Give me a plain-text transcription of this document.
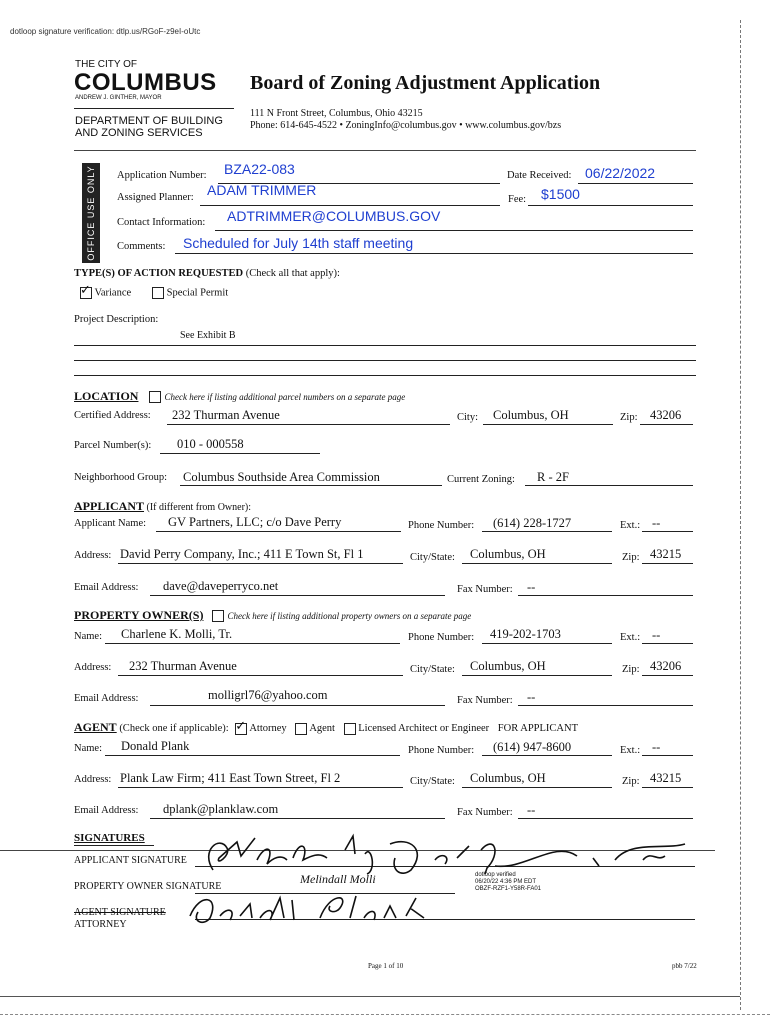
dotloop signature verification: dtlp.us/RGoF-z9eI-oUtc
THE CITY OF
COLUMBUS
ANDREW J. GINTHER, MAYOR
DEPARTMENT OF BUILDING
AND ZONING SERVICES
Board of Zoning Adjustment Application
111 N Front Street, Columbus, Ohio 43215
Phone: 614-645-4522 • ZoningInfo@columbus.gov • www.columbus.gov/bzs
OFFICE USE ONLY Application Number: BZA22-083	Date Received: 06/22/2022
Assigned Planner: ADAM TRIMMER
Fee: $1500
Contact Information: ADTRIMMER@COLUMBUS.GOV
Comments: Scheduled for July 14th staff meeting
TYPE(S) OF ACTION REQUESTED (Check all that apply):
✓ Variance	Special Permit
Project Description:
See Exhibit B
LOCATION	Check here if listing additional parcel numbers on a separate page
Certified Address: 232 Thurman Avenue	City: Columbus, OH	Zip: 43206
Parcel Number(s): 010 - 000558
Neighborhood Group: Columbus Southside Area Commission	Current Zoning: R - 2F
APPLICANT (If different from Owner):
Applicant Name: GV Partners, LLC; c/o Dave Perry	Phone Number: (614) 228-1727	Ext.: --
Address: David Perry Company, Inc.; 411 E Town St, Fl 1	City/State: Columbus, OH	Zip: 43215
Email Address: dave@daveperryco.net	Fax Number: --
PROPERTY OWNER(S)	Check here if listing additional property owners on a separate page
Name: Charlene K. Molli, Tr.	Phone Number: 419-202-1703	Ext.: --
Address: 232 Thurman Avenue	City/State: Columbus, OH	Zip: 43206
Email Address:	molligrl76@yahoo.com	Fax Number: --
AGENT (Check one if applicable): ✓ Attorney Agent Licensed Architect or Engineer FOR APPLICANT
Name: Donald Plank	Phone Number: (614) 947-8600	Ext.: --
Address: Plank Law Firm; 411 East Town Street, Fl 2	City/State: Columbus, OH	Zip: 43215
Email Address: dplank@planklaw.com	Fax Number: --
SIGNATURES
APPLICANT SIGNATURE
PROPERTY OWNER SIGNATURE
Melindall Molli	dotloop verified
06/20/22 4:36 PM EDT
OBZF-RZF1-Y58R-FA01
AGENT SIGNATURE
ATTORNEY
Page 1 of 10	pbb 7/22
